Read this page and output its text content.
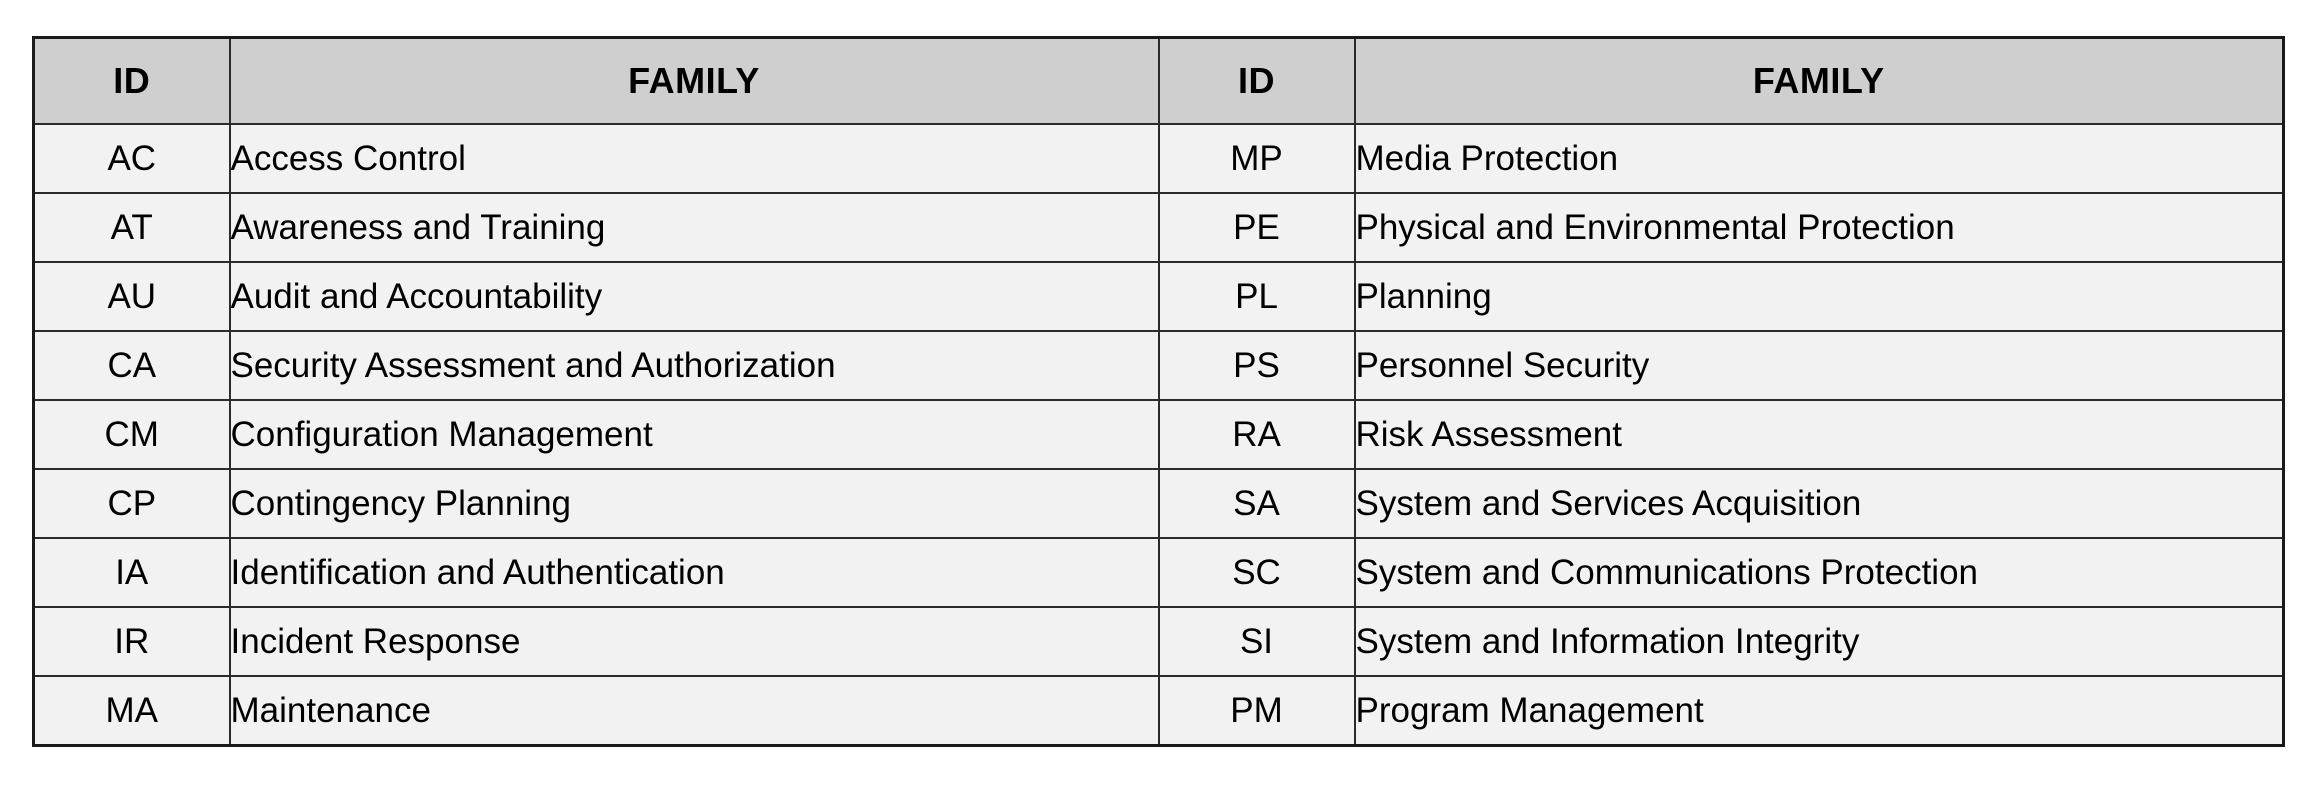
ID	FAMILY	ID	FAMILY
AC	Access Control	MP	Media Protection
AT	Awareness and Training	PE	Physical and Environmental Protection
AU	Audit and Accountability	PL	Planning
CA	Security Assessment and Authorization	PS	Personnel Security
CM	Configuration Management	RA	Risk Assessment
CP	Contingency Planning	SA	System and Services Acquisition
IA	Identification and Authentication	SC	System and Communications Protection
IR	Incident Response	SI	System and Information Integrity
MA	Maintenance	PM	Program Management
